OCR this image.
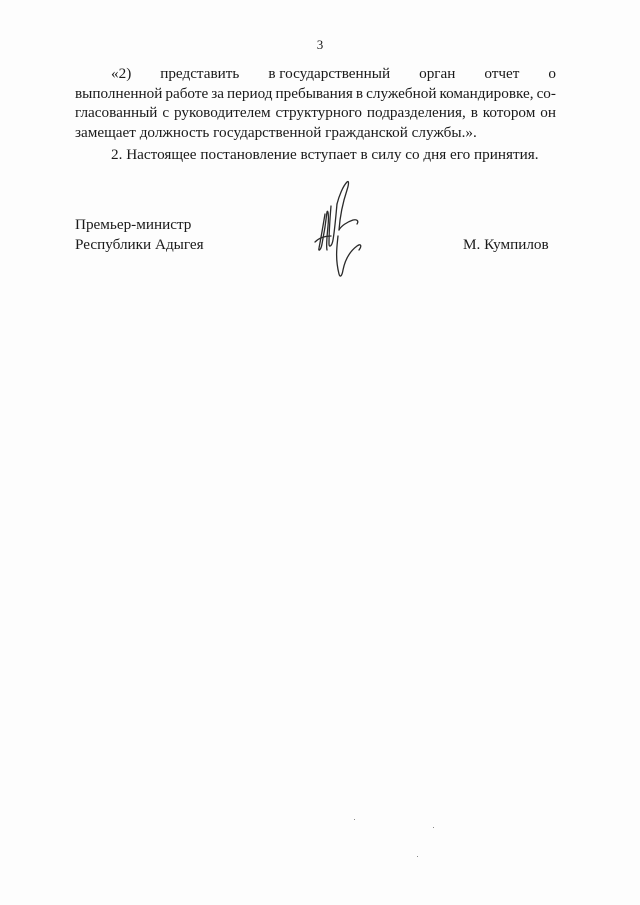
3
«2) представить в государственный орган отчет о
выполненной работе за период пребывания в служебной командировке, со-
гласованный с руководителем структурного подразделения, в котором он
замещает должность государственной гражданской службы.».
2. Настоящее постановление вступает в силу со дня его принятия.
Премьер-министр
Республики Адыгея	М. Кумпилов
